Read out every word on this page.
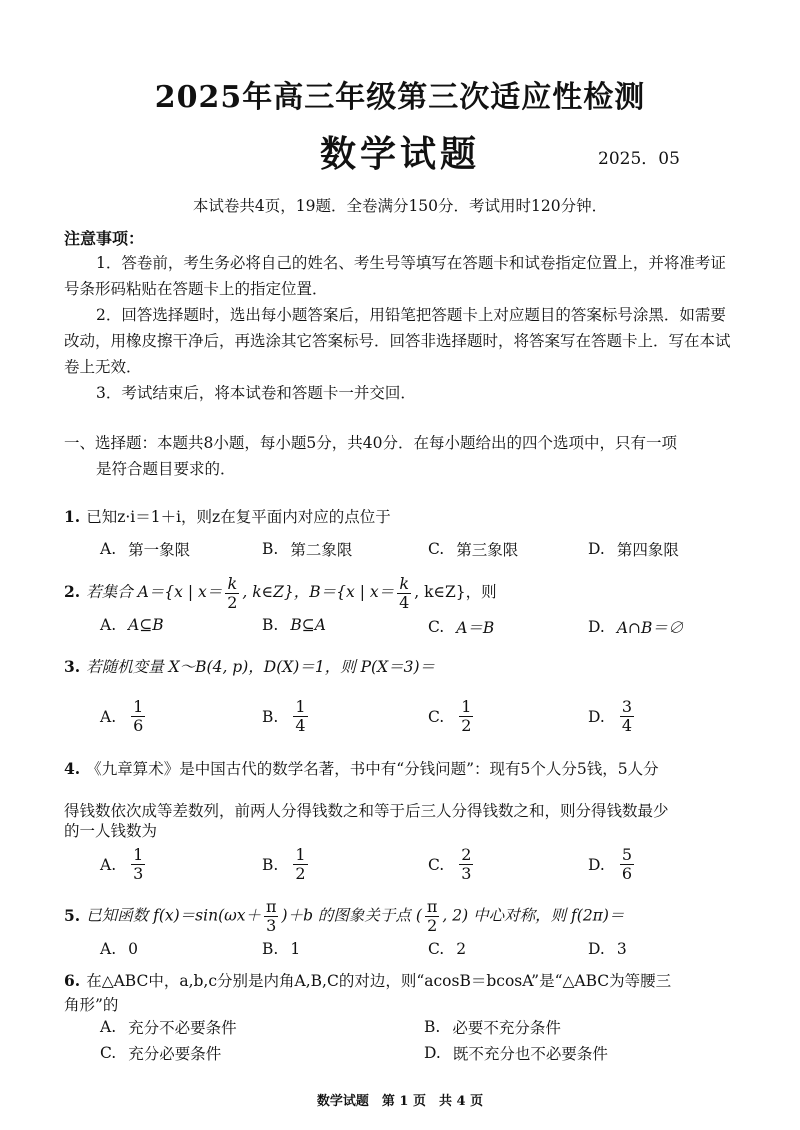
2025年高三年级第三次适应性检测
数学试题	2025．05
本试卷共4页，19题．全卷满分150分．考试用时120分钟．
注意事项：
1．答卷前，考生务必将自己的姓名、考生号等填写在答题卡和试卷指定位置上，并将准考证号条形码粘贴在答题卡上的指定位置．
2．回答选择题时，选出每小题答案后，用铅笔把答题卡上对应题目的答案标号涂黑．如需要改动，用橡皮擦干净后，再选涂其它答案标号．回答非选择题时，将答案写在答题卡上．写在本试卷上无效．
3．考试结束后，将本试卷和答题卡一并交回．
一、选择题：本题共8小题，每小题5分，共40分．在每小题给出的四个选项中，只有一项
是符合题目要求的．
1. 已知z·i＝1＋i，则z在复平面内对应的点位于
A. 第一象限	B. 第二象限	C. 第三象限	D. 第四象限
2. 若集合 A＝{x | $x= \frac{k}{2}$ , k∈Z}，B＝{x | $x= \frac{k}{4}$ , k∈Z}，则
A. A⊆B	B. B⊆A	C. A＝B	D. A∩B＝∅
3. 若随机变量 X～B(4, p)，D(X)＝1，则 P(X＝3)＝
A. $\frac{1}{6}$	B. $\frac{1}{4}$	C. $\frac{1}{2}$	D. $\frac{3}{4}$
4. 《九章算术》是中国古代的数学名著，书中有“分钱问题”：现有5个人分5钱，5人分
得钱数依次成等差数列，前两人分得钱数之和等于后三人分得钱数之和，则分得钱数最少
的一人钱数为
A. $\frac{1}{3}$	B. $\frac{1}{2}$	C. $\frac{2}{3}$	D. $\frac{5}{6}$
5. 已知函数 $f(x)=\sin(\omega x+ \frac{\pi}{3} )+b$ 的图象关于点 ( $\frac{\pi}{2}$ , 2) 中心对称，则 f(2π)＝
A. 0	B. 1	C. 2	D. 3
6. 在△ABC中，a,b,c分别是内角A,B,C的对边，则“acosB＝bcosA”是“△ABC为等腰三
角形”的
A. 充分不必要条件	B. 必要不充分条件
C. 充分必要条件	D. 既不充分也不必要条件
数学试题　第 1 页　共 4 页
